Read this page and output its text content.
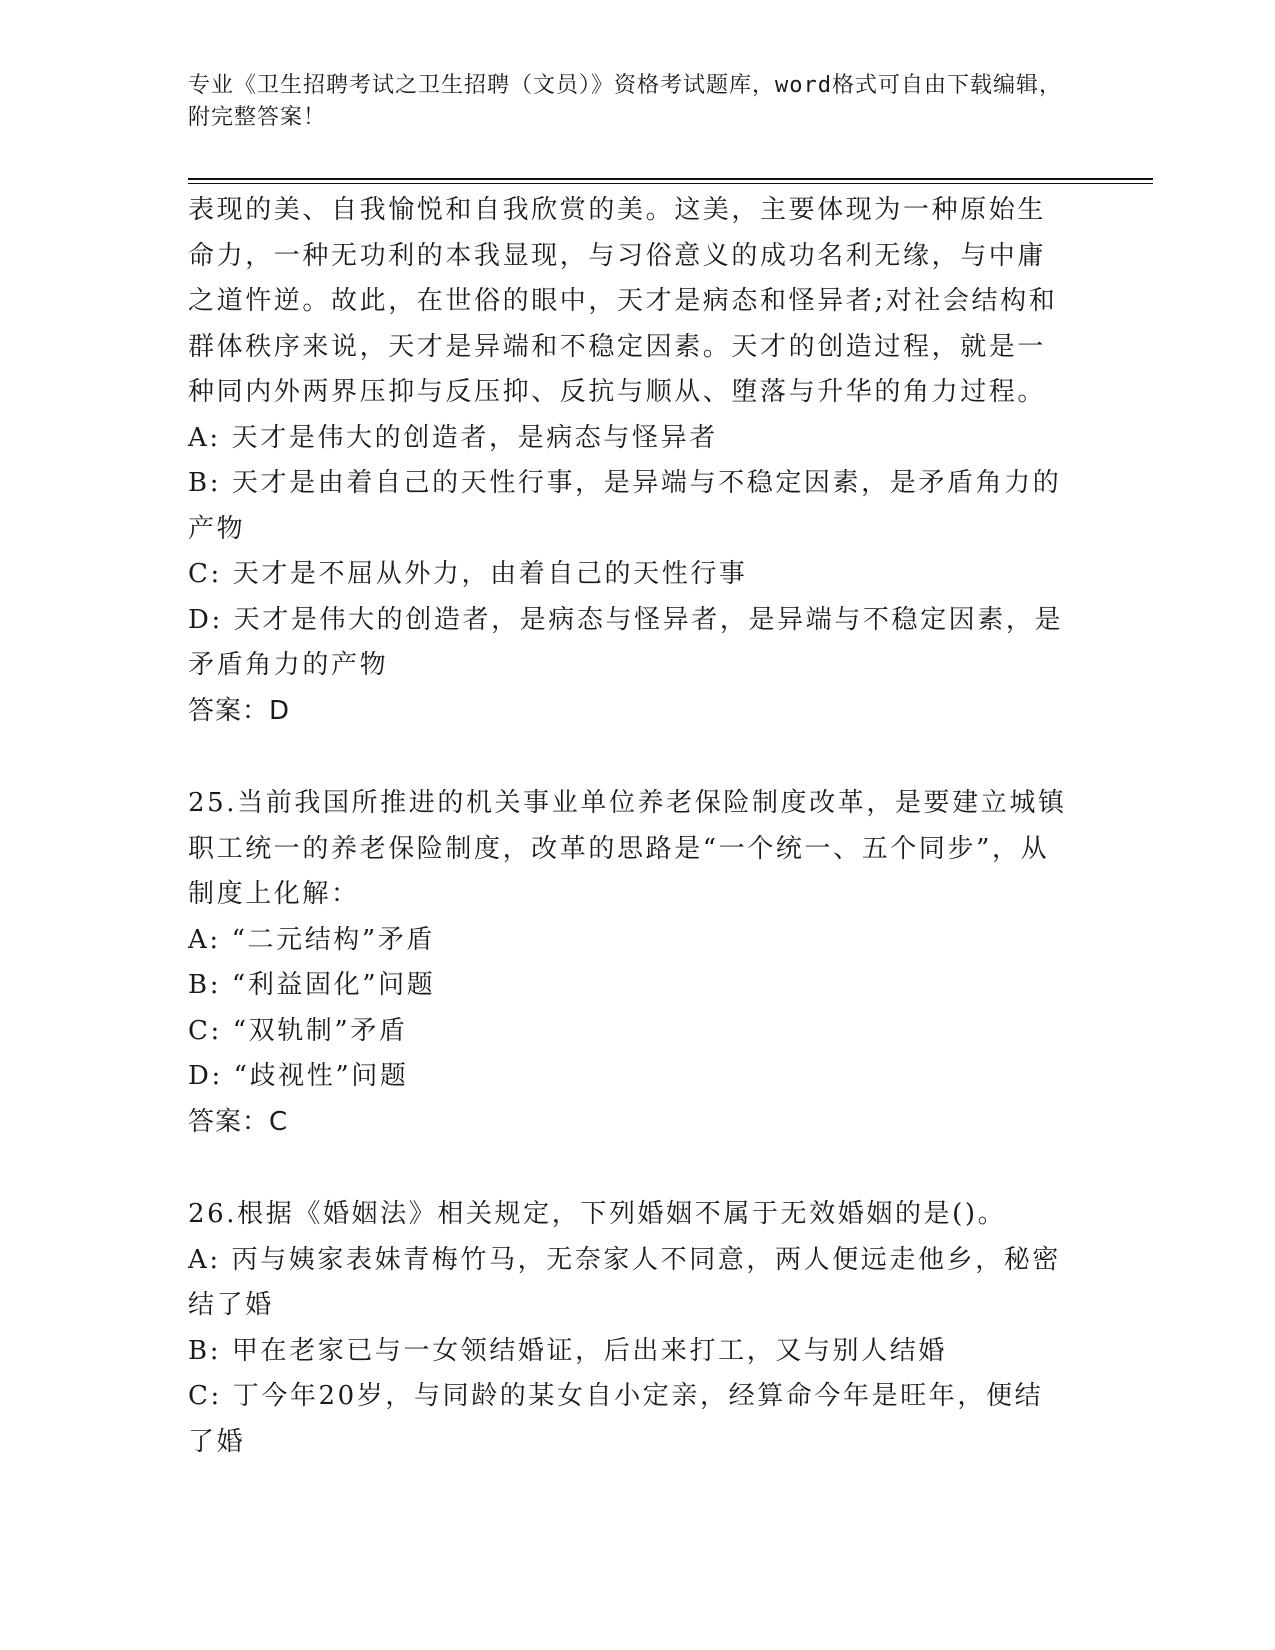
专业《卫生招聘考试之卫生招聘（文员）》资格考试题库，word格式可自由下载编辑，附完整答案！

表现的美、自我愉悦和自我欣赏的美。这美，主要体现为一种原始生命力，一种无功利的本我显现，与习俗意义的成功名利无缘，与中庸之道忤逆。故此，在世俗的眼中，天才是病态和怪异者;对社会结构和群体秩序来说，天才是异端和不稳定因素。天才的创造过程，就是一种同内外两界压抑与反压抑、反抗与顺从、堕落与升华的角力过程。

A: 天才是伟大的创造者，是病态与怪异者

B: 天才是由着自己的天性行事，是异端与不稳定因素，是矛盾角力的产物

C: 天才是不屈从外力，由着自己的天性行事

D: 天才是伟大的创造者，是病态与怪异者，是异端与不稳定因素，是矛盾角力的产物

答案：D

25.当前我国所推进的机关事业单位养老保险制度改革，是要建立城镇职工统一的养老保险制度，改革的思路是“一个统一、五个同步”，从制度上化解：

A: “二元结构”矛盾

B: “利益固化”问题

C: “双轨制”矛盾

D: “歧视性”问题

答案：C

26.根据《婚姻法》相关规定，下列婚姻不属于无效婚姻的是()。

A: 丙与姨家表妹青梅竹马，无奈家人不同意，两人便远走他乡，秘密结了婚

B: 甲在老家已与一女领结婚证，后出来打工，又与别人结婚

C: 丁今年20岁，与同龄的某女自小定亲，经算命今年是旺年，便结了婚
